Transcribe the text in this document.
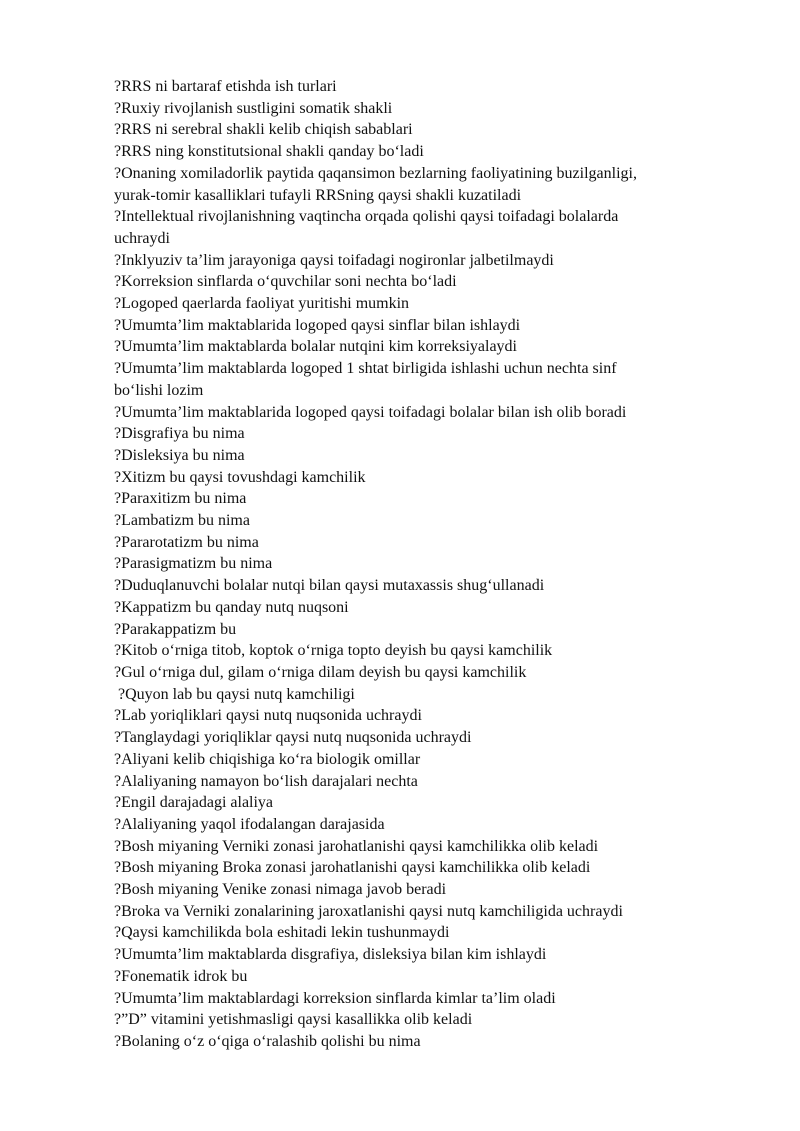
?RRS ni bartaraf etishda ish turlari

?Ruxiy rivojlanish sustligini somatik shakli

?RRS ni serebral shakli kelib chiqish sabablari

?RRS ning konstitutsional shakli qanday bo‘ladi

?Onaning xomiladorlik paytida qaqansimon bezlarning faoliyatining buzilganligi,

yurak-tomir kasalliklari tufayli RRSning qaysi shakli kuzatiladi

?Intellektual rivojlanishning vaqtincha orqada qolishi qaysi toifadagi bolalarda

uchraydi

?Inklyuziv ta’lim jarayoniga qaysi toifadagi nogironlar jalbetilmaydi

?Korreksion sinflarda o‘quvchilar soni nechta bo‘ladi

?Logoped qaerlarda faoliyat yuritishi mumkin

?Umumta’lim maktablarida logoped qaysi sinflar bilan ishlaydi

?Umumta’lim maktablarda bolalar nutqini kim korreksiyalaydi

?Umumta’lim maktablarda logoped 1 shtat birligida ishlashi uchun nechta sinf

bo‘lishi lozim

?Umumta’lim maktablarida logoped qaysi toifadagi bolalar bilan ish olib boradi

?Disgrafiya bu nima

?Disleksiya bu nima

?Xitizm bu qaysi tovushdagi kamchilik

?Paraxitizm bu nima

?Lambatizm bu nima

?Pararotatizm bu nima

?Parasigmatizm bu nima

?Duduqlanuvchi bolalar nutqi bilan qaysi mutaxassis shug‘ullanadi

?Kappatizm bu qanday nutq nuqsoni

?Parakappatizm bu

?Kitob o‘rniga titob, koptok o‘rniga topto deyish bu qaysi kamchilik

?Gul o‘rniga dul, gilam o‘rniga dilam deyish bu qaysi kamchilik

?Quyon lab bu qaysi nutq kamchiligi

?Lab yoriqliklari qaysi nutq nuqsonida uchraydi

?Tanglaydagi yoriqliklar qaysi nutq nuqsonida uchraydi

?Aliyani kelib chiqishiga ko‘ra biologik omillar

?Alaliyaning namayon bo‘lish darajalari nechta

?Engil darajadagi alaliya

?Alaliyaning yaqol ifodalangan darajasida

?Bosh miyaning Verniki zonasi jarohatlanishi qaysi kamchilikka olib keladi

?Bosh miyaning Broka zonasi jarohatlanishi qaysi kamchilikka olib keladi

?Bosh miyaning Venike zonasi nimaga javob beradi

?Broka va Verniki zonalarining jaroxatlanishi qaysi nutq kamchiligida uchraydi

?Qaysi kamchilikda bola eshitadi lekin tushunmaydi

?Umumta’lim maktablarda disgrafiya, disleksiya bilan kim ishlaydi

?Fonematik idrok bu

?Umumta’lim maktablardagi korreksion sinflarda kimlar ta’lim oladi

?”D” vitamini yetishmasligi qaysi kasallikka olib keladi

?Bolaning o‘z o‘qiga o‘ralashib qolishi bu nima
